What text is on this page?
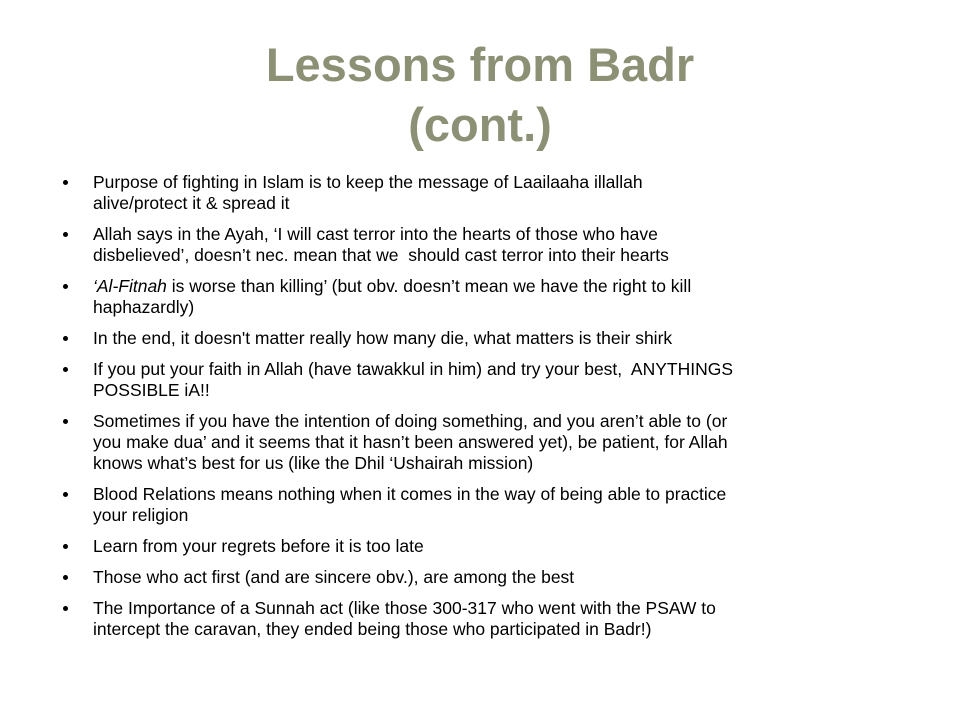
Lessons from Badr
(cont.)
Purpose of fighting in Islam is to keep the message of Laailaaha illallah
alive/protect it & spread it
Allah says in the Ayah, ‘I will cast terror into the hearts of those who have
disbelieved’, doesn’t nec. mean that we  should cast terror into their hearts
‘Al-Fitnah is worse than killing’ (but obv. doesn’t mean we have the right to kill
haphazardly)
In the end, it doesn't matter really how many die, what matters is their shirk
If you put your faith in Allah (have tawakkul in him) and try your best,  ANYTHINGS
POSSIBLE iA!!
Sometimes if you have the intention of doing something, and you aren’t able to (or
you make dua’ and it seems that it hasn’t been answered yet), be patient, for Allah
knows what’s best for us (like the Dhil ‘Ushairah mission)
Blood Relations means nothing when it comes in the way of being able to practice
your religion
Learn from your regrets before it is too late
Those who act first (and are sincere obv.), are among the best
The Importance of a Sunnah act (like those 300-317 who went with the PSAW to
intercept the caravan, they ended being those who participated in Badr!)
